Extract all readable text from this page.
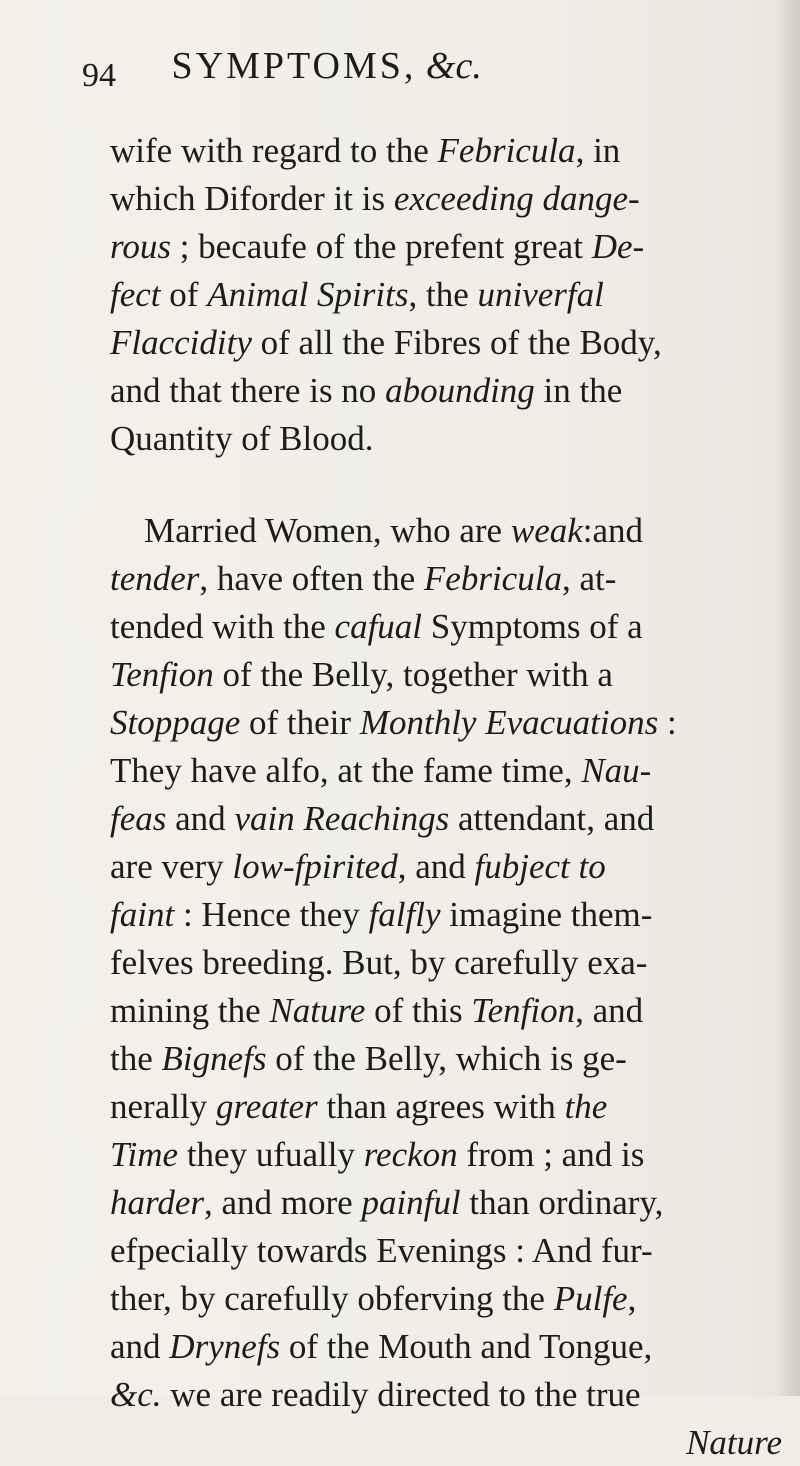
94 SYMPTOMS, &c.
wife with regard to the Febricula, in
which Diforder it is exceeding dange-
rous ; becaufe of the prefent great De-
fect of Animal Spirits, the univerfal
Flaccidity of all the Fibres of the Body,
and that there is no abounding in the
Quantity of Blood.
Married Women, who are weak:and
tender, have often the Febricula, at-
tended with the cafual Symptoms of a
Tenfion of the Belly, together with a
Stoppage of their Monthly Evacuations :
They have alfo, at the fame time, Nau-
feas and vain Reachings attendant, and
are very low-fpirited, and fubject to
faint : Hence they falfly imagine them-
felves breeding. But, by carefully exa-
mining the Nature of this Tenfion, and
the Bignefs of the Belly, which is ge-
nerally greater than agrees with the
Time they ufually reckon from ; and is
harder, and more painful than ordinary,
efpecially towards Evenings : And fur-
ther, by carefully obferving the Pulfe,
and Drynefs of the Mouth and Tongue,
&c. we are readily directed to the true
Nature
